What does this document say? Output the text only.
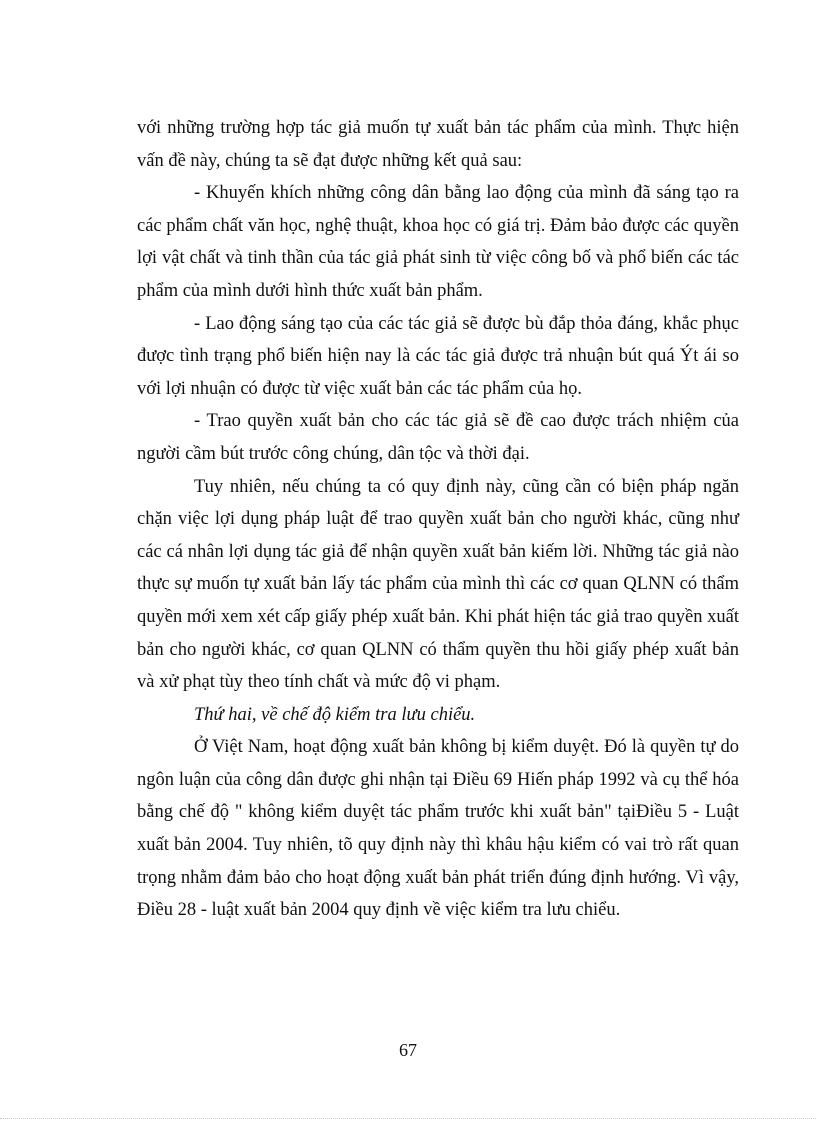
với những trường hợp tác giả muốn tự xuất bản tác phẩm của mình. Thực hiện vấn đề này, chúng ta sẽ đạt được những kết quả sau:

- Khuyến khích những công dân bằng lao động của mình đã sáng tạo ra các phẩm chất văn học, nghệ thuật, khoa học có giá trị. Đảm bảo được các quyền lợi vật chất và tinh thần của tác giả phát sinh từ việc công bố và phổ biến các tác phẩm của mình dưới hình thức xuất bản phẩm.

- Lao động sáng tạo của các tác giả sẽ được bù đắp thỏa đáng, khắc phục được tình trạng phổ biến hiện nay là các tác giả được trả nhuận bút quá Ýt ái so với lợi nhuận có được từ việc xuất bản các tác phẩm của họ.

- Trao quyền xuất bản cho các tác giả sẽ đề cao được trách nhiệm của người cầm bút trước công chúng, dân tộc và thời đại.

Tuy nhiên, nếu chúng ta có quy định này, cũng cần có biện pháp ngăn chặn việc lợi dụng pháp luật để trao quyền xuất bản cho người khác, cũng như các cá nhân lợi dụng tác giả để nhận quyền xuất bản kiếm lời. Những tác giả nào thực sự muốn tự xuất bản lấy tác phẩm của mình thì các cơ quan QLNN có thẩm quyền mới xem xét cấp giấy phép xuất bản. Khi phát hiện tác giả trao quyền xuất bản cho người khác, cơ quan QLNN có thẩm quyền thu hồi giấy phép xuất bản và xử phạt tùy theo tính chất và mức độ vi phạm.

Thứ hai, về chế độ kiểm tra lưu chiểu.

Ở Việt Nam, hoạt động xuất bản không bị kiểm duyệt. Đó là quyền tự do ngôn luận của công dân được ghi nhận tại Điều 69 Hiến pháp 1992 và cụ thể hóa bằng chế độ " không kiểm duyệt tác phẩm trước khi xuất bản" tạiĐiều 5 - Luật xuất bản 2004. Tuy nhiên, tõ quy định này thì khâu hậu kiểm có vai trò rất quan trọng nhằm đảm bảo cho hoạt động xuất bản phát triển đúng định hướng. Vì vậy, Điều 28 - luật xuất bản 2004 quy định về việc kiểm tra lưu chiểu.

67
